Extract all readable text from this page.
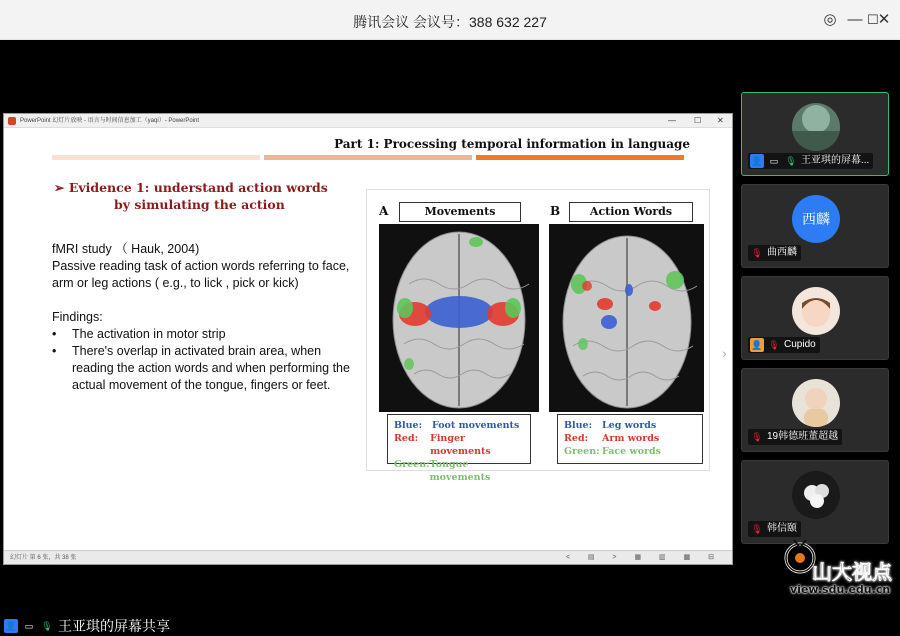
腾讯会议 会议号：388 632 227	◎ — ☐
✕
PowerPoint 幻灯片放映 - 语言与时间信息加工（yaqi）- PowerPoint	— ☐ ✕
Part 1: Processing temporal information in language
➢ Evidence 1: understand action words
by simulating the action
fMRI study （ Hauk, 2004)
Passive reading task of action words referring to face, arm or leg actions ( e.g., to lick , pick or kick)
Findings:
•	The activation in motor strip
•	There's overlap in activated brain area, when reading the action words and when performing the actual movement of the tongue, fingers or feet.
A	B
Movements	Action Words
Blue:	Foot movements
Red:	Finger movements
Green: Tongue movements
Blue:	Leg words
Red:	Arm words
Green: Face words
幻灯片 第 6 张，共 38 张	< ▤ > ▦ ▥ ▩ ⊟
›
👤 ▭ 🎙 王亚琪的屏幕共享
👤 ▭ 🎙 王亚琪的屏幕...
西麟
🎙 曲西麟
👤 🎙 Cupido
🎙 19韩德班董超越
🎙 韩信颐
山大视点
view.sdu.edu.cn
